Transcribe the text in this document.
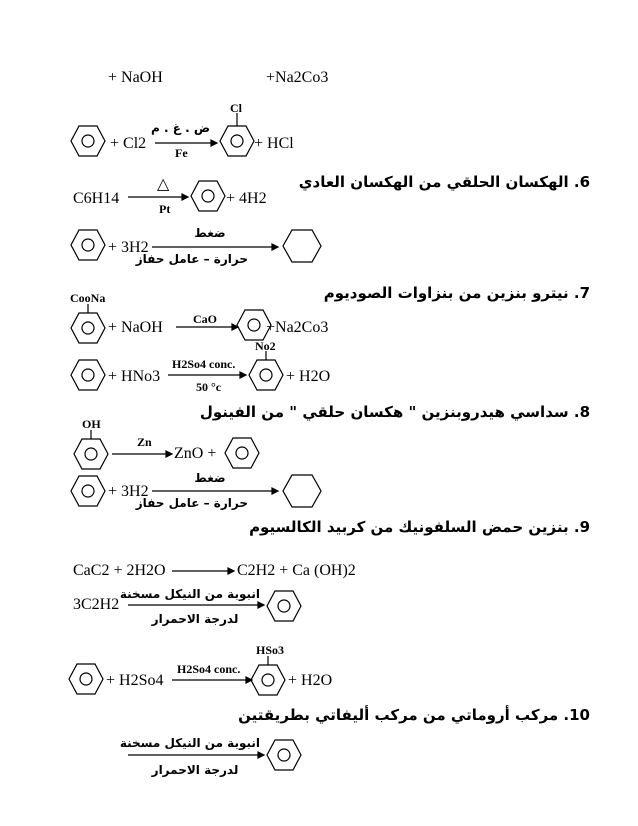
+ NaOH	+Na2Co3
+ Cl2
ض . غ . م
Fe
Cl
+ HCl
6. الهكسان الحلقي من الهكسان العادي
C6H14
△
Pt
+ 4H2
+ 3H2
ضغط
حرارة – عامل حفاز
7. نيترو بنزين من بنزاوات الصوديوم
CooNa
+ NaOH	CaO	+Na2Co3
+ HNo3
H2So4 conc.
50 °c
No2
+ H2O
8. سداسي هيدروبنزين " هكسان حلقي " من الفينول
OH
Zn
→ ZnO +
+ 3H2
ضغط
حرارة – عامل حفاز
9. بنزين حمض السلفونيك من كربيد الكالسيوم
CaC2 + 2H2O → C2H2 + Ca (OH)2
3C2H2
انبوبة من النيكل مسخنة
لدرجة الاحمرار
+ H2So4
H2So4 conc.
HSo3
+ H2O
10. مركب أروماتي من مركب أليفاتي بطريقتين
انبوبة من النيكل مسخنة
لدرجة الاحمرار
